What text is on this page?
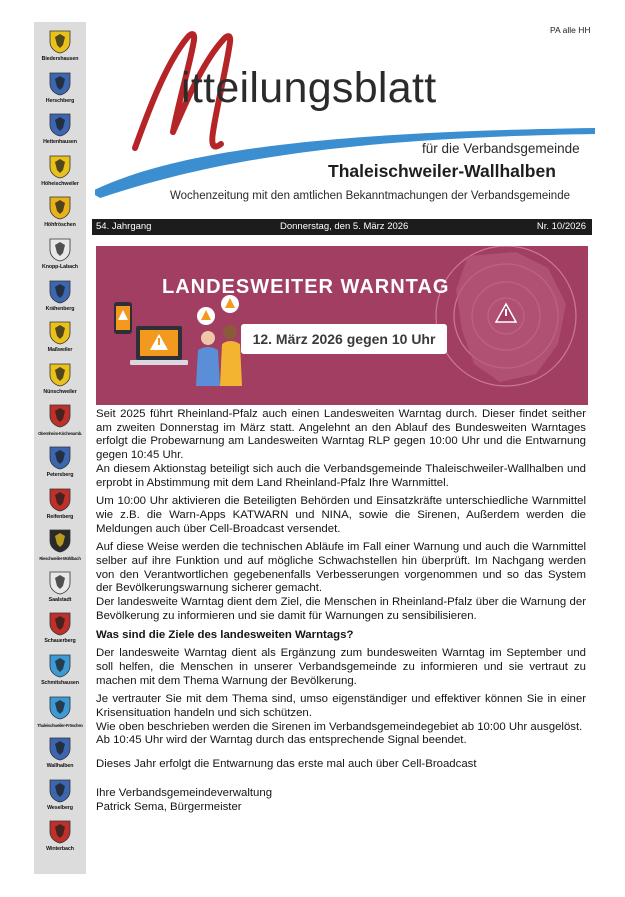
Biedershausen
Herschberg
Hettenhausen
Höheischweiler
Höhfröschen
Knopp-Labach
Krähenberg
Maßweiler
Nünschweiler
Obernheim-Kirchenarnb.
Petersberg
Reifenberg
Rieschweiler-Mühlbach
Saalstadt
Schauerberg
Schmitshausen
Thaleischweiler-Fröschen
Wallhalben
Weselberg
Winterbach
PA alle HH
M
itteilungsblatt
für die Verbandsgemeinde
Thaleischweiler-Wallhalben
Wochenzeitung mit den amtlichen Bekanntmachungen der Verbandsgemeinde
54. Jahrgang	Donnerstag, den 5. März 2026	Nr. 10/2026
LANDESWEITER WARNTAG
12. März 2026 gegen 10 Uhr

Seit 2025 führt Rheinland-Pfalz auch einen Landesweiten Warntag durch. Dieser findet seither am zweiten Donnerstag im März statt. Angelehnt an den Ablauf des Bundesweiten Warntages erfolgt die Probewarnung am Landesweiten Warntag RLP gegen 10:00 Uhr und die Entwarnung gegen 10:45 Uhr.

An diesem Aktionstag beteiligt sich auch die Verbandsgemeinde Thaleischweiler-Wallhalben und erprobt in Abstimmung mit dem Land Rheinland-Pfalz Ihre Warnmittel.

Um 10:00 Uhr aktivieren die Beteiligten Behörden und Einsatzkräfte unterschiedliche Warnmittel wie z.B. die Warn-Apps KATWARN und NINA, sowie die Sirenen, Außerdem werden die Meldungen auch über Cell-Broadcast versendet.

Auf diese Weise werden die technischen Abläufe im Fall einer Warnung und auch die Warnmittel selber auf ihre Funktion und auf mögliche Schwachstellen hin überprüft. Im Nachgang werden von den Verantwortlichen gegebenenfalls Verbesserungen vorgenommen und so das System der Bevölkerungswarnung sicherer gemacht.

Der landesweite Warntag dient dem Ziel, die Menschen in Rheinland-Pfalz über die Warnung der Bevölkerung zu informieren und sie damit für Warnungen zu sensibilisieren.

Was sind die Ziele des landesweiten Warntags?

Der landesweite Warntag dient als Ergänzung zum bundesweiten Warntag im September und soll helfen, die Menschen in unserer Verbandsgemeinde zu informieren und sie vertraut zu machen mit dem Thema Warnung der Bevölkerung.

Je vertrauter Sie mit dem Thema sind, umso eigenständiger und effektiver können Sie in einer Krisensituation handeln und sich schützen.

Wie oben beschrieben werden die Sirenen im Verbandsgemeindegebiet ab 10:00 Uhr ausgelöst.

Ab 10:45 Uhr wird der Warntag durch das entsprechende Signal beendet.

Dieses Jahr erfolgt die Entwarnung das erste mal auch über Cell-Broadcast

Ihre Verbandsgemeindeverwaltung

Patrick Sema, Bürgermeister
